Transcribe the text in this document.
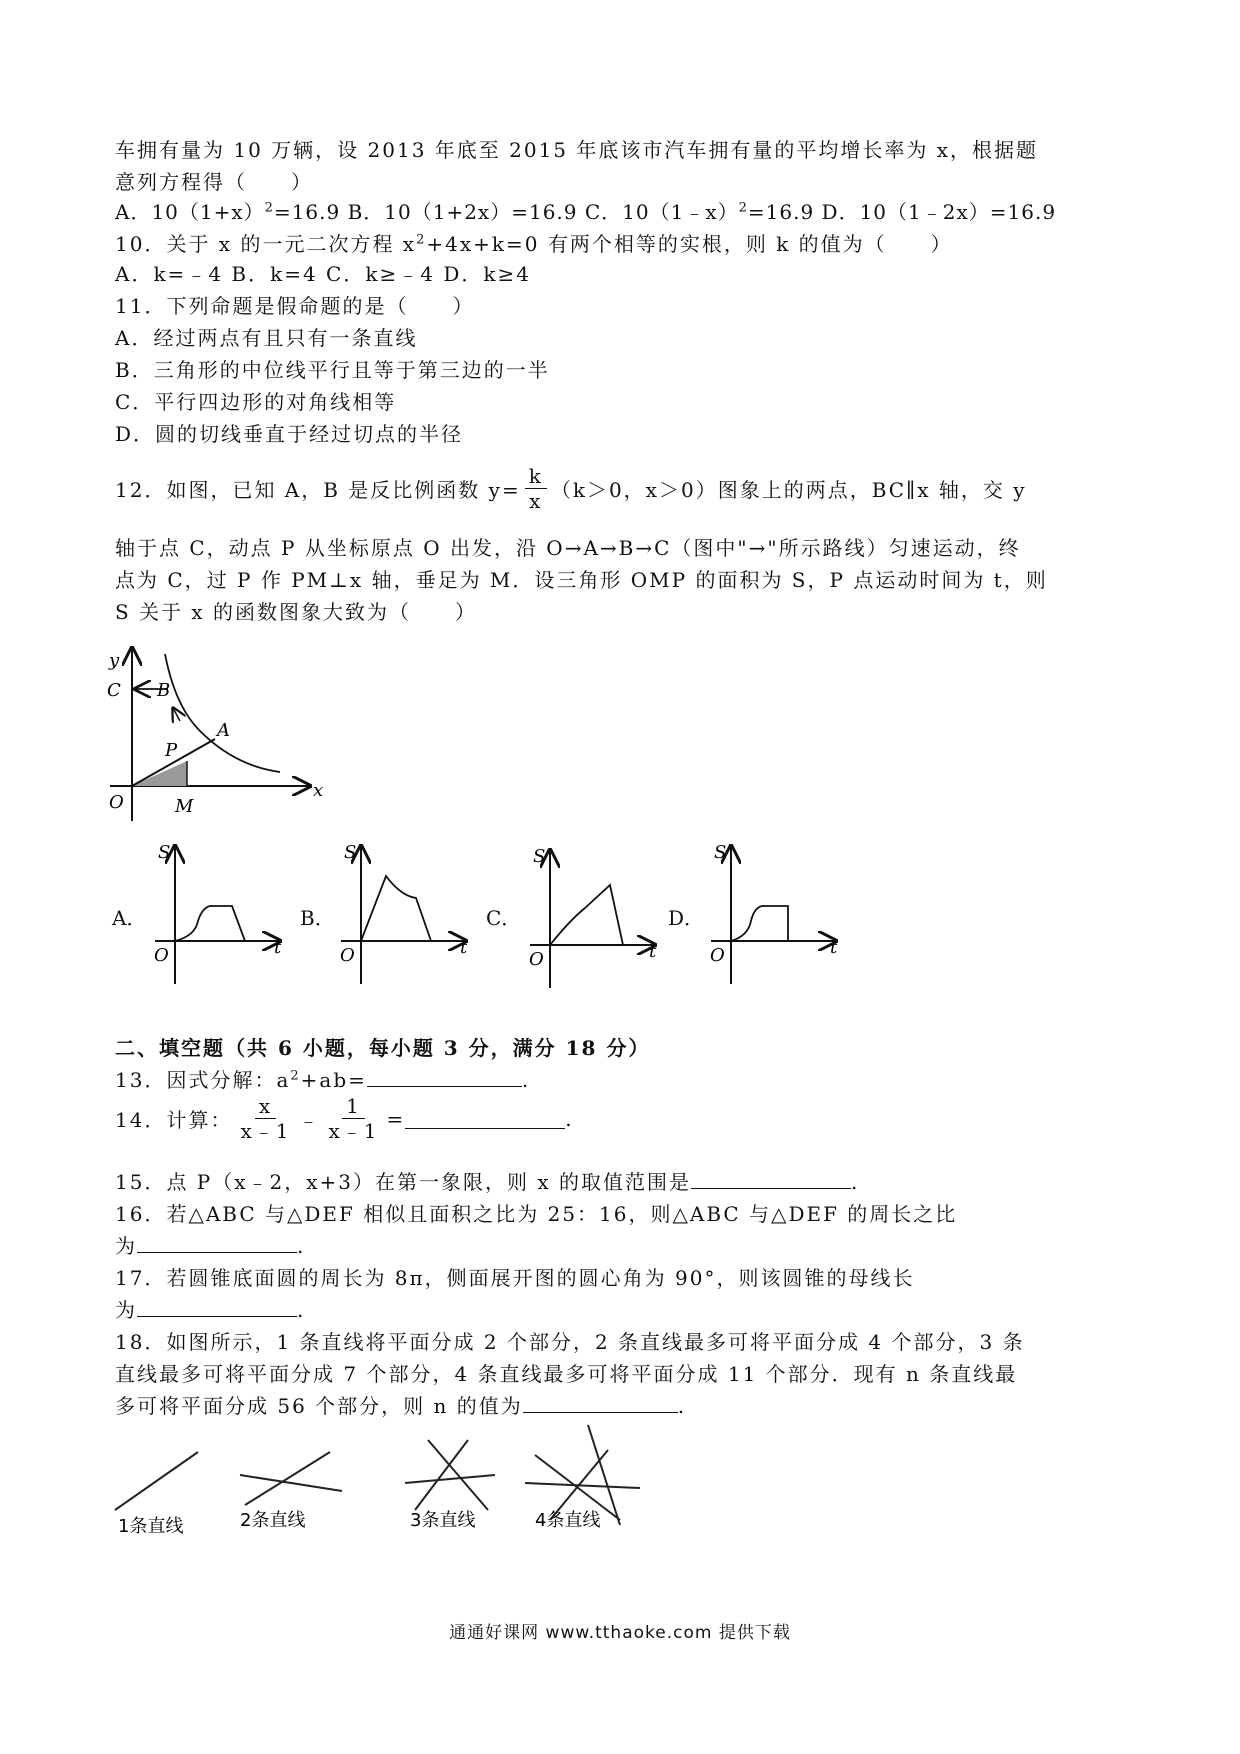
车拥有量为 10 万辆，设 2013 年底至 2015 年底该市汽车拥有量的平均增长率为 x，根据题
意列方程得（　　）
A．$10(1+x)^2=16.9$ B．10（1+2x）=16.9 C．10（1﹣x）$^2$=16.9 D．10（1﹣2x）=16.9
10．关于 x 的一元二次方程 $x^2+4x+k=0$ 有两个相等的实根，则 k 的值为（　　）
A．k=﹣4 B．k=4 C．k≥﹣4 D．k≥4
11．下列命题是假命题的是（　　）
A．经过两点有且只有一条直线
B．三角形的中位线平行且等于第三边的一半
C．平行四边形的对角线相等
D．圆的切线垂直于经过切点的半径
12．如图，已知 A，B 是反比例函数 $y= \frac{k}{x} (k>0$，x＞0）图象上的两点，BC∥x 轴，交 y
轴于点 C，动点 P 从坐标原点 O 出发，沿 O→A→B→C（图中"→"所示路线）匀速运动，终
点为 C，过 P 作 PM⊥x 轴，垂足为 M．设三角形 OMP 的面积为 S，P 点运动时间为 t，则
S 关于 x 的函数图象大致为（　　）
y
x
C B
A
P
O	M
A．	B．	C．	D．
S
O	t
S
O	t
S
O	t
S
O	t
二、填空题（共 6 小题，每小题 3 分，满分 18 分）
13．因式分解：$a^2+ab=$	.
14．计算： $\frac{x}{x﹣1}$ ﹣ $\frac{1}{x﹣1}$ =	.
15．点 P（x﹣2，x+3）在第一象限，则 x 的取值范围是	.
16．若△ABC 与△DEF 相似且面积之比为 25：16，则△ABC 与△DEF 的周长之比
为	.
17．若圆锥底面圆的周长为 8π，侧面展开图的圆心角为 90°，则该圆锥的母线长
为	.
18．如图所示，1 条直线将平面分成 2 个部分，2 条直线最多可将平面分成 4 个部分，3 条
直线最多可将平面分成 7 个部分，4 条直线最多可将平面分成 11 个部分．现有 n 条直线最
多可将平面分成 56 个部分，则 n 的值为	.
1条直线	2条直线	3条直线	4条直线
通通好课网 www.tthaoke.com 提供下载
